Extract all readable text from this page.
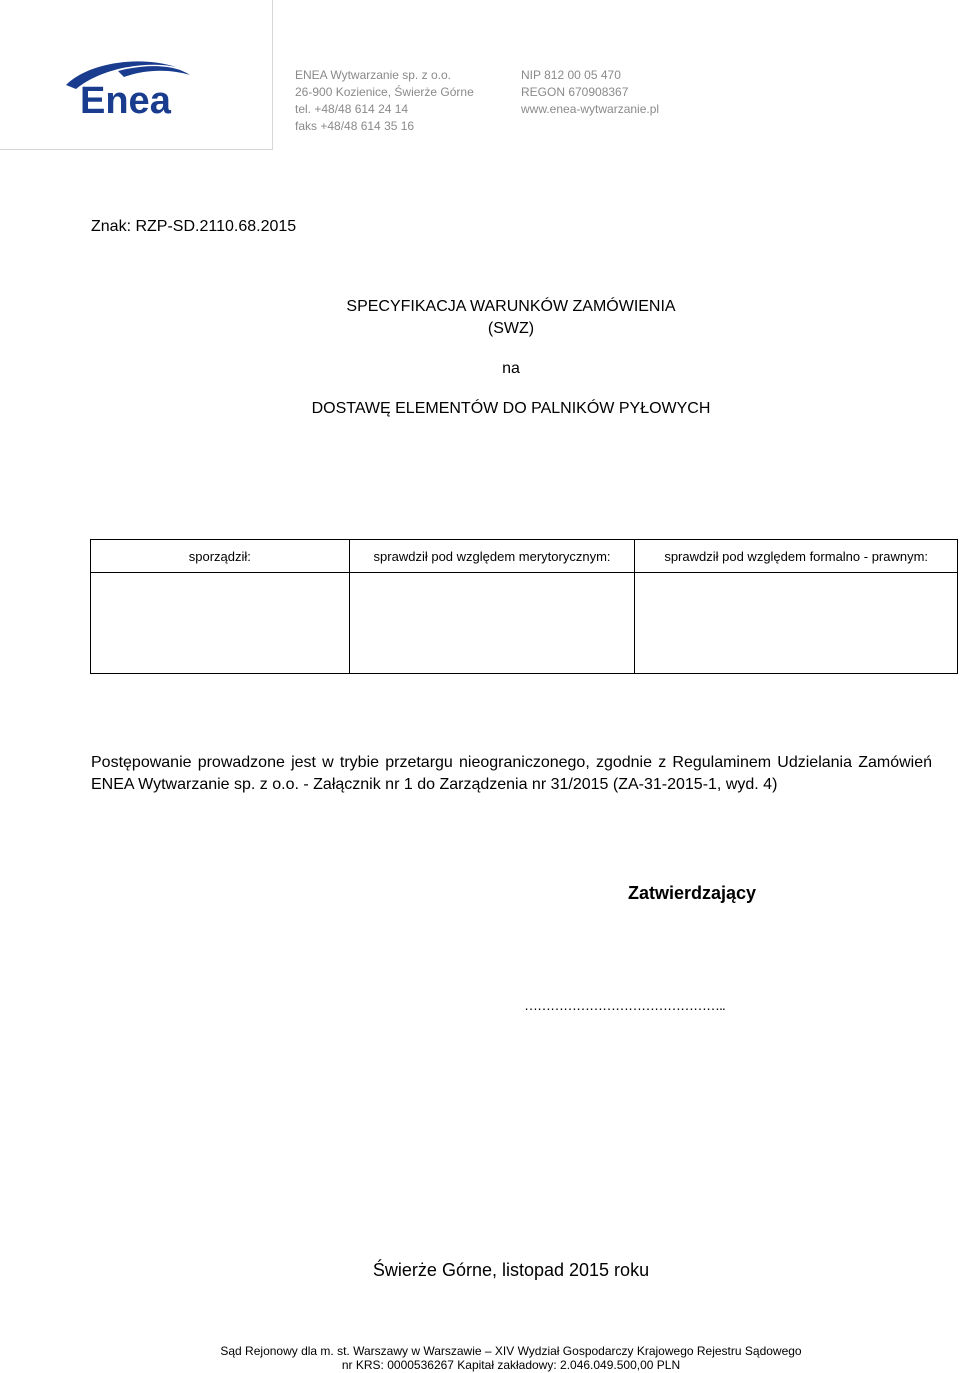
Enea
ENEA Wytwarzanie sp. z o.o.
26-900 Kozienice, Świerże Górne
tel. +48/48 614 24 14
faks +48/48 614 35 16
NIP 812 00 05 470
REGON 670908367
www.enea-wytwarzanie.pl
Znak: RZP-SD.2110.68.2015
SPECYFIKACJA WARUNKÓW ZAMÓWIENIA
(SWZ)
na
DOSTAWĘ ELEMENTÓW DO PALNIKÓW PYŁOWYCH
sporządził:	sprawdził pod względem merytorycznym:	sprawdził pod względem formalno - prawnym:

Postępowanie prowadzone jest w trybie przetargu nieograniczonego, zgodnie z Regulaminem Udzielania Zamówień ENEA Wytwarzanie sp. z o.o. - Załącznik nr 1 do Zarządzenia nr 31/2015 (ZA-31-2015-1, wyd. 4)
Zatwierdzający
………………………………………..
Świerże Górne, listopad 2015 roku
Sąd Rejonowy dla m. st. Warszawy w Warszawie – XIV Wydział Gospodarczy Krajowego Rejestru Sądowego
nr KRS: 0000536267 Kapitał zakładowy: 2.046.049.500,00 PLN
